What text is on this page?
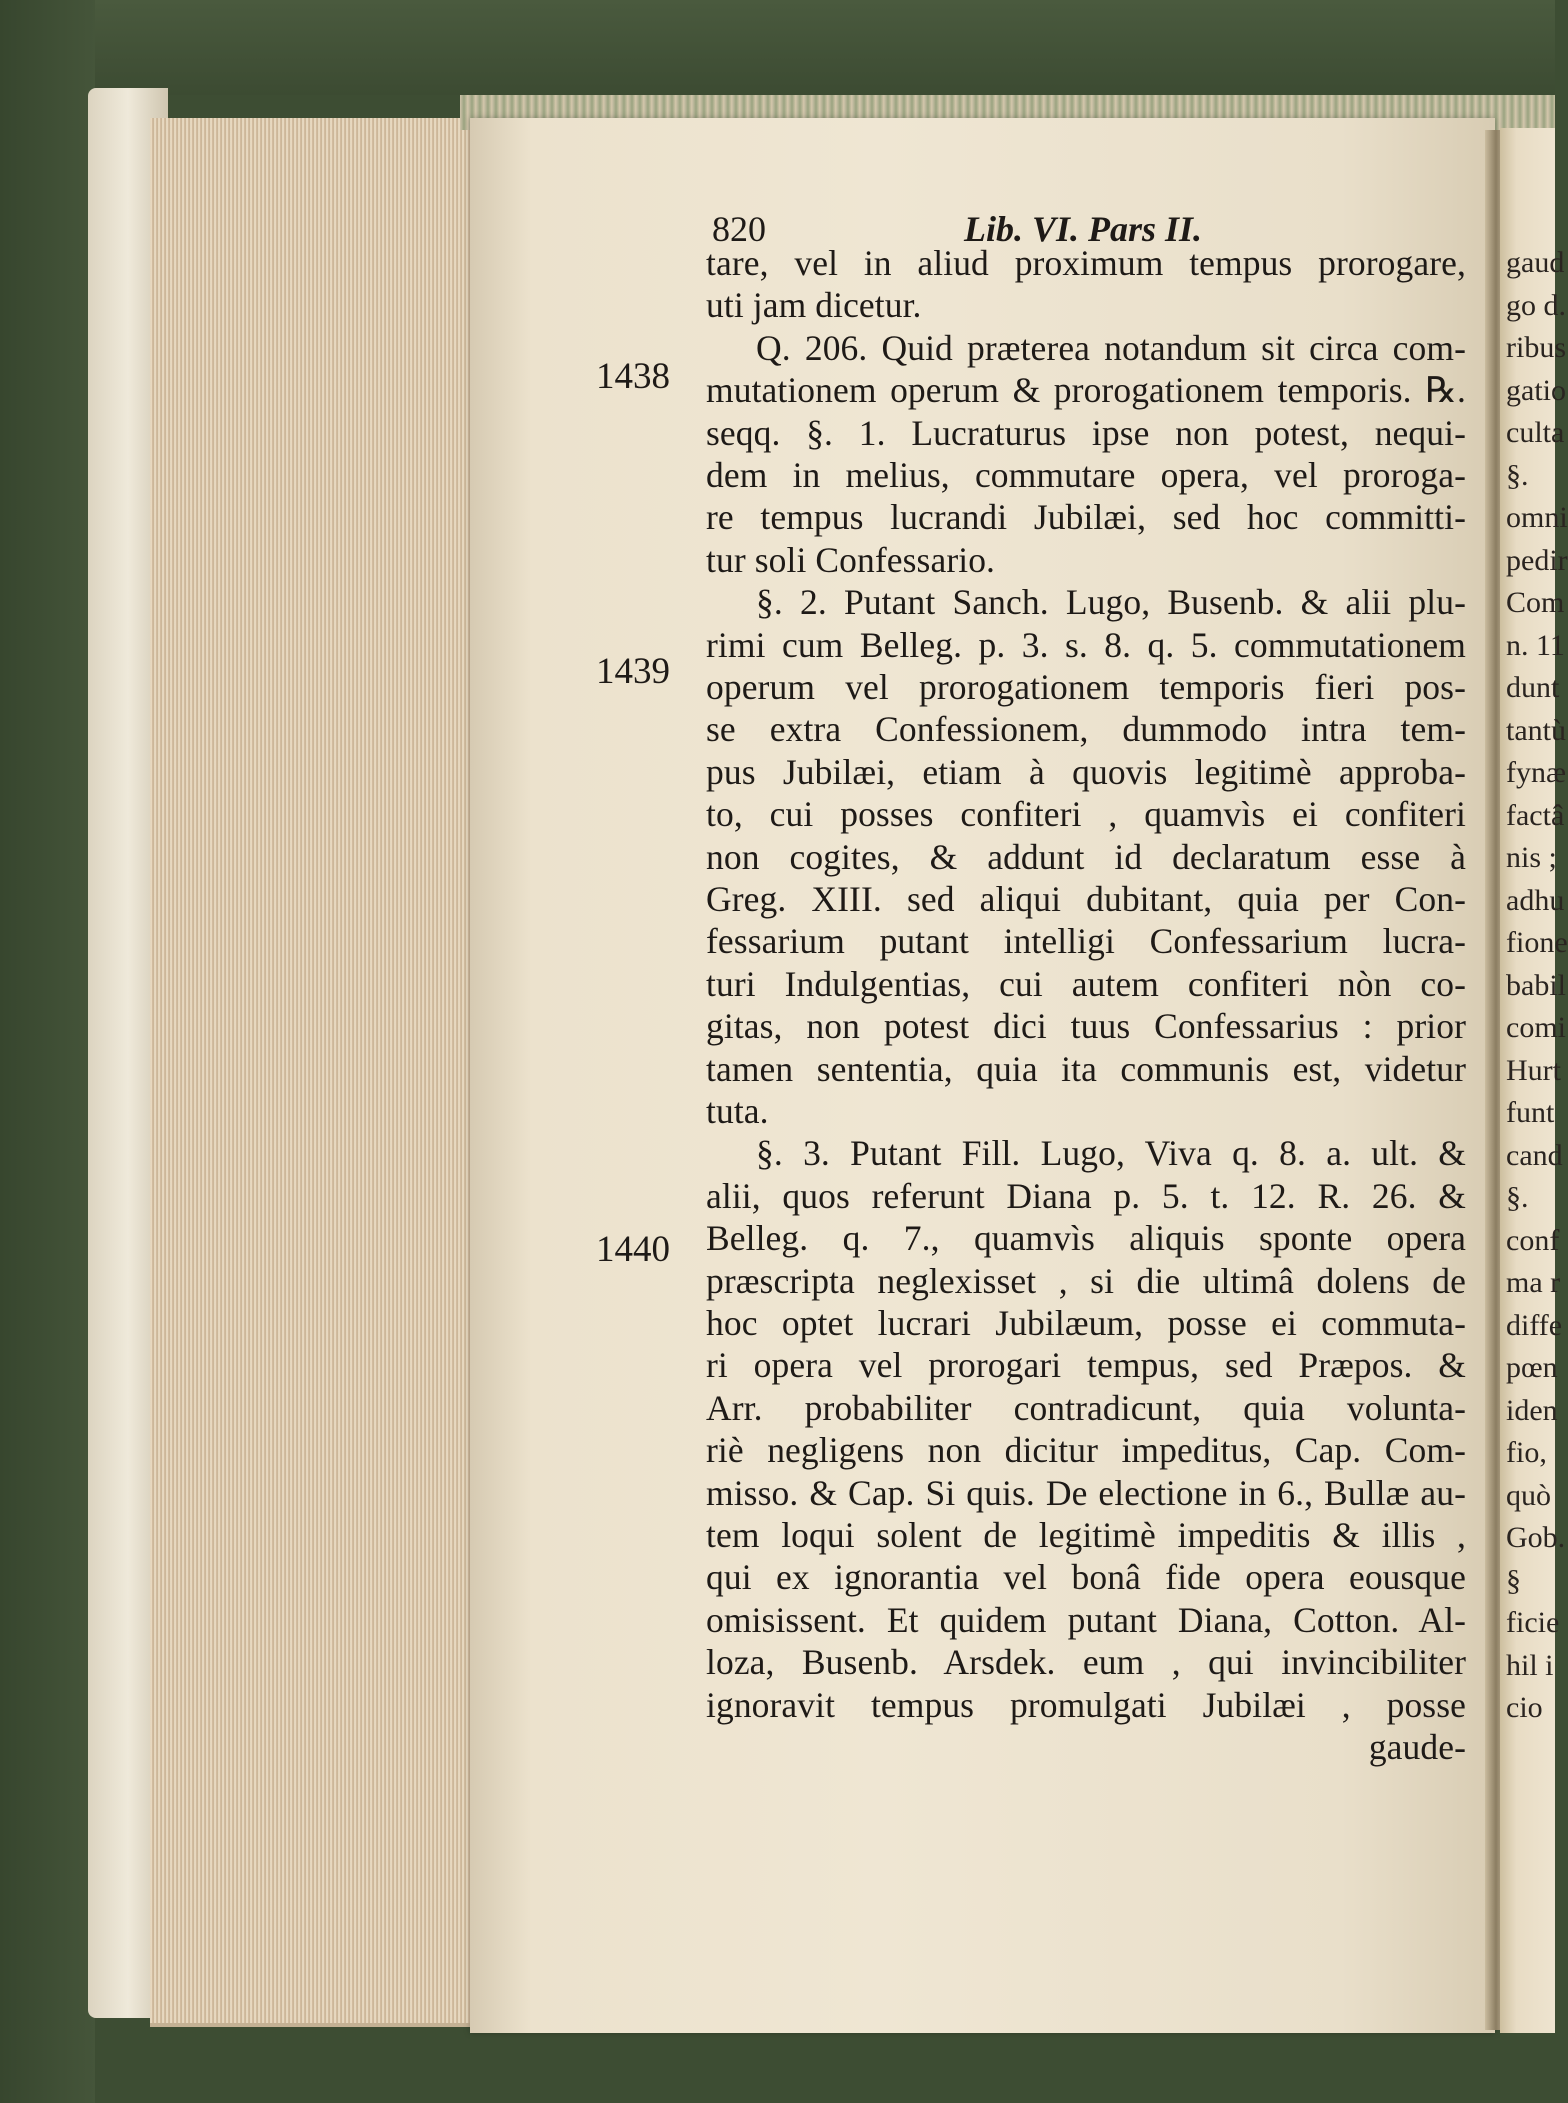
gaud
go d.
ribus
gatio
culta
§.
omni
pedir
Com
n. 11
dunt
tantù
fynæ
factâ
nis ;
adhu
fione
babil
comi
Hurt
funt
cand
§.
conf
ma r
diffe
pœn
iden
fio,
quò
Gob.
§
ficie
hil i
cio
820	Lib. VI. Pars II.
1438
1439
1440
tare, vel in aliud proximum tempus prorogare,
uti jam dicetur.
Q. 206. Quid præterea notandum sit circa com-
mutationem operum & prorogationem temporis. ℞.
seqq. §. 1. Lucraturus ipse non potest, nequi-
dem in melius, commutare opera, vel proroga-
re tempus lucrandi Jubilæi, sed hoc committi-
tur soli Confessario.
§. 2. Putant Sanch. Lugo, Busenb. & alii plu-
rimi cum Belleg. p. 3. s. 8. q. 5. commutationem
operum vel prorogationem temporis fieri pos-
se extra Confessionem, dummodo intra tem-
pus Jubilæi, etiam à quovis legitimè approba-
to, cui posses confiteri , quamvìs ei confiteri
non cogites, & addunt id declaratum esse à
Greg. XIII. sed aliqui dubitant, quia per Con-
fessarium putant intelligi Confessarium lucra-
turi Indulgentias, cui autem confiteri nòn co-
gitas, non potest dici tuus Confessarius : prior
tamen sententia, quia ita communis est, videtur
tuta.
§. 3. Putant Fill. Lugo, Viva q. 8. a. ult. &
alii, quos referunt Diana p. 5. t. 12. R. 26. &
Belleg. q. 7., quamvìs aliquis sponte opera
præscripta neglexisset , si die ultimâ dolens de
hoc optet lucrari Jubilæum, posse ei commuta-
ri opera vel prorogari tempus, sed Præpos. &
Arr. probabiliter contradicunt, quia volunta-
riè negligens non dicitur impeditus, Cap. Com-
misso. & Cap. Si quis. De electione in 6., Bullæ au-
tem loqui solent de legitimè impeditis & illis ,
qui ex ignorantia vel bonâ fide opera eousque
omisissent. Et quidem putant Diana, Cotton. Al-
loza, Busenb. Arsdek. eum , qui invincibiliter
ignoravit tempus promulgati Jubilæi , posse
gaude-
